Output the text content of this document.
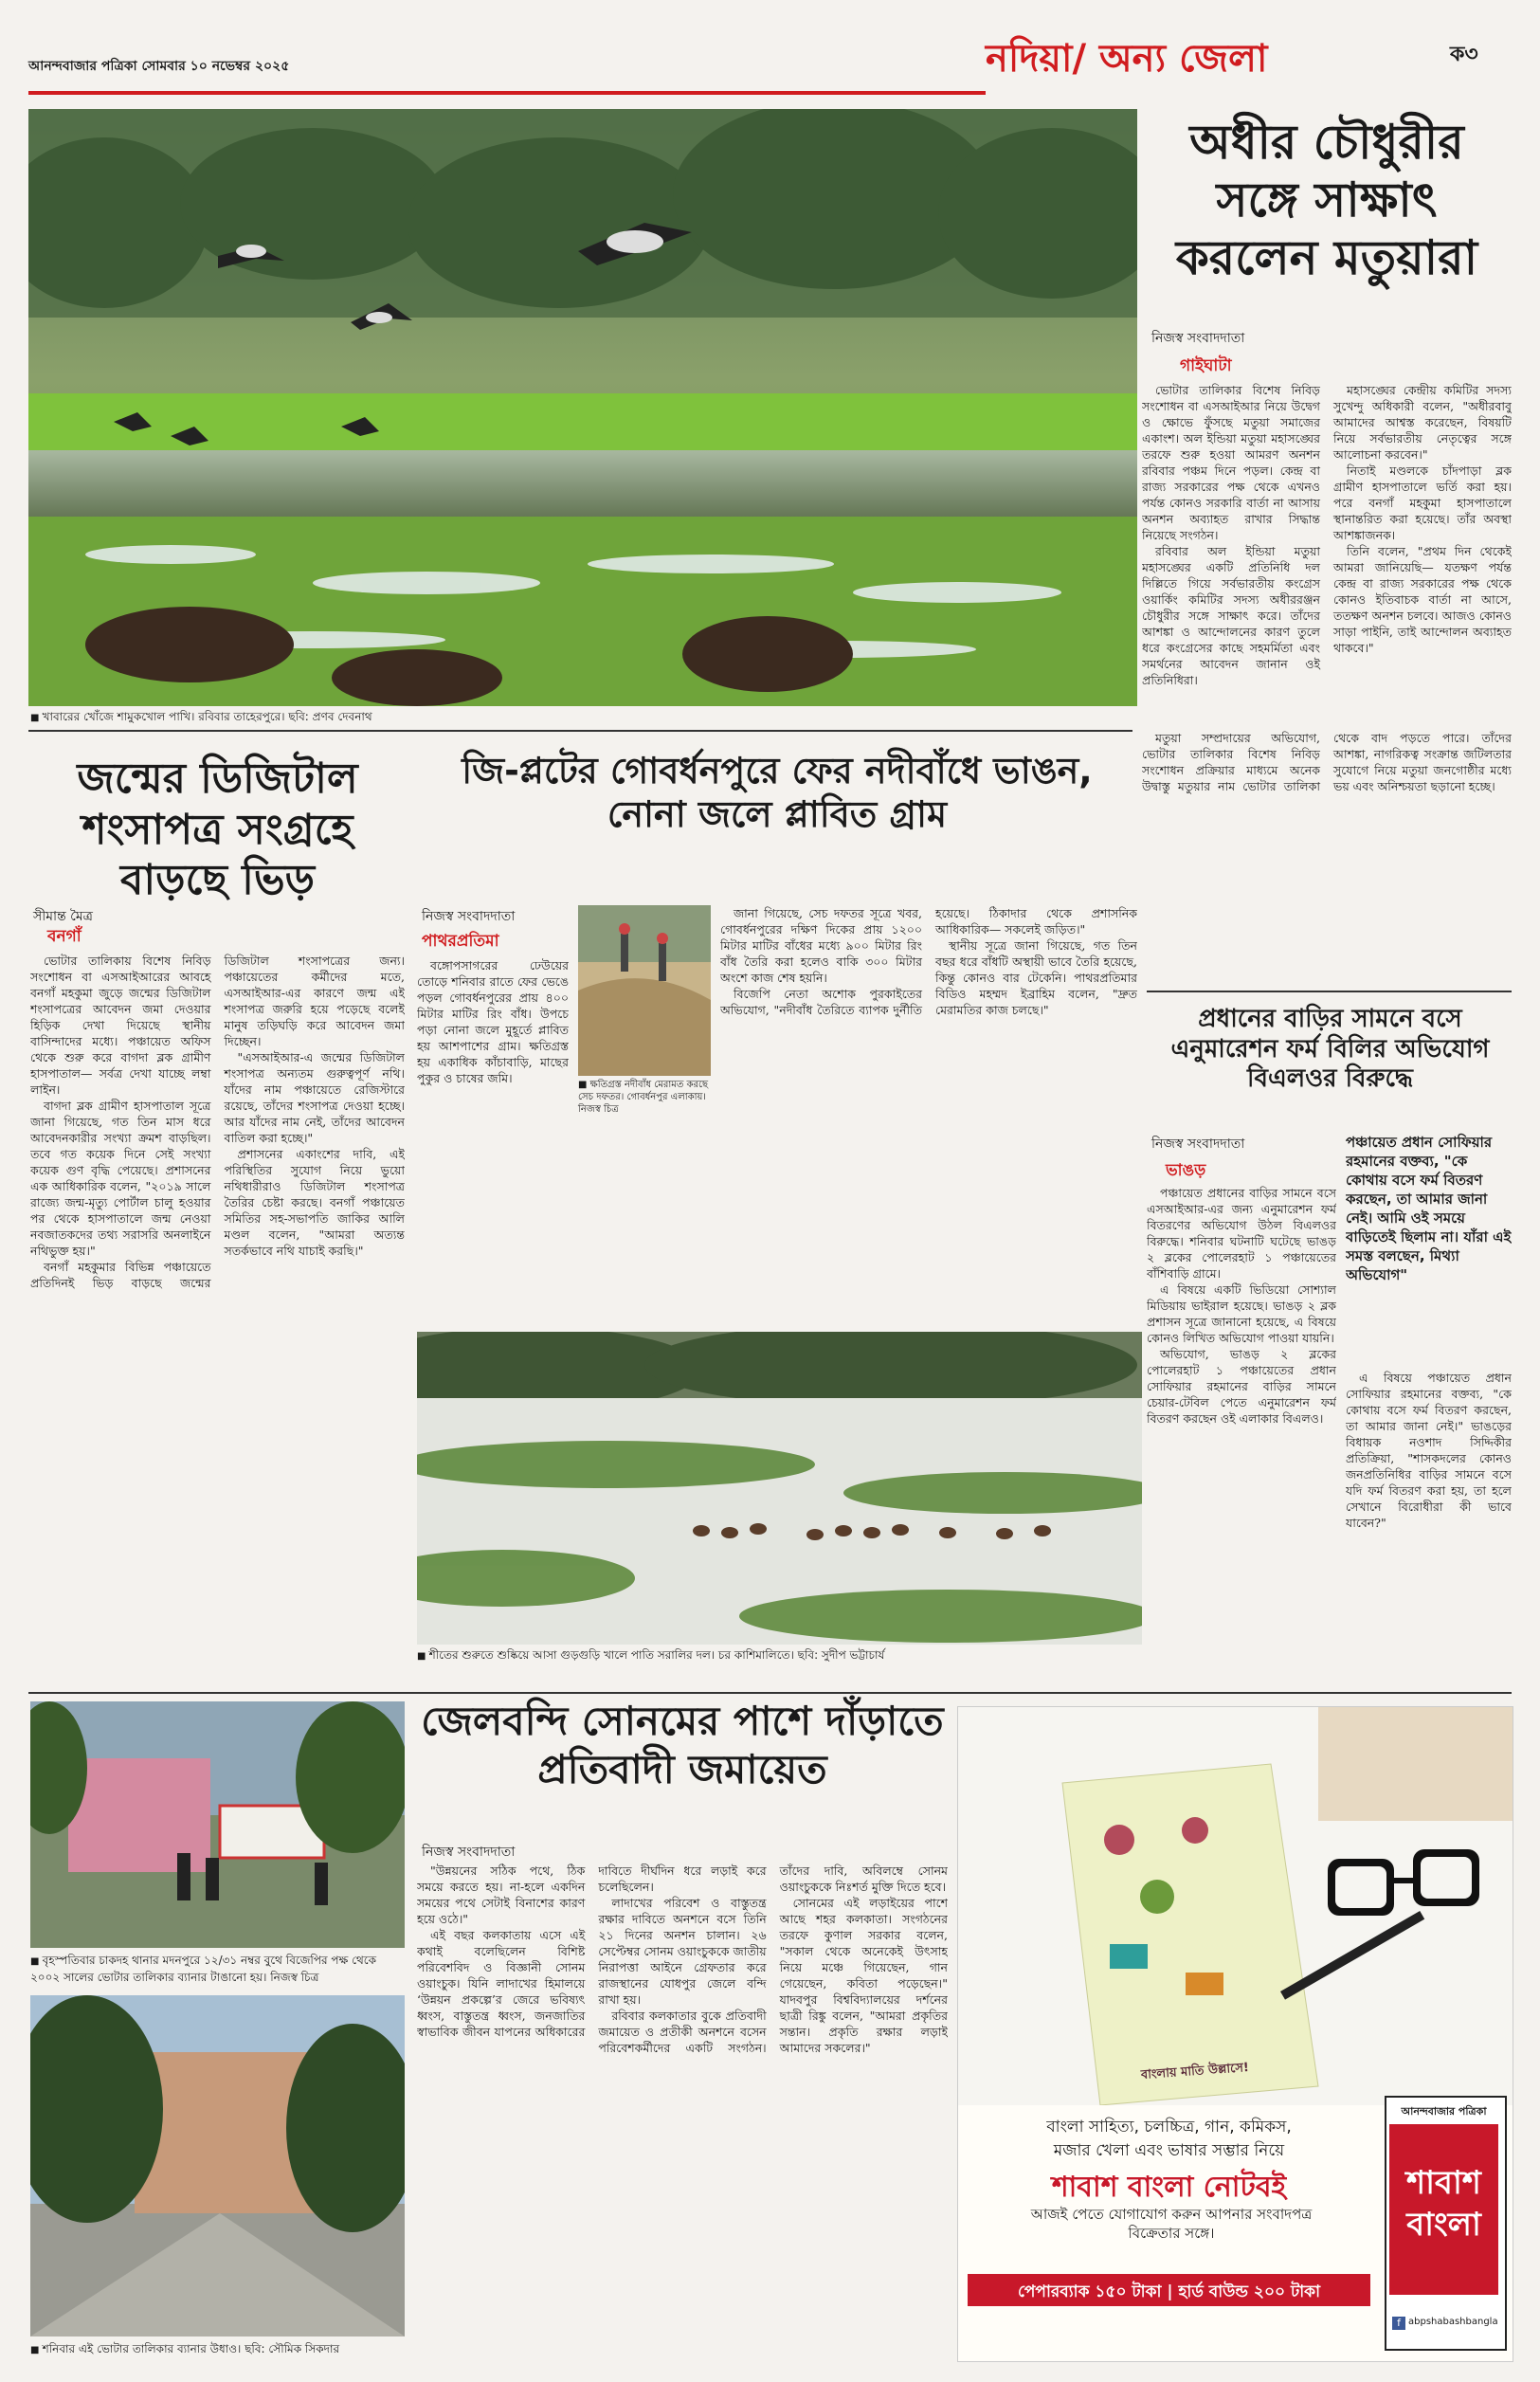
আনন্দবাজার পত্রিকা সোমবার ১০ নভেম্বর ২০২৫	নদিয়া/ অন্য জেলা	ক৩
■ খাবারের খোঁজে শামুকখোল পাখি। রবিবার তাহেরপুরে। ছবি: প্রণব দেবনাথ
অধীর চৌধুরীর সঙ্গে সাক্ষাৎ করলেন মতুয়ারা
নিজস্ব সংবাদদাতা
গাইঘাটা

ভোটার তালিকার বিশেষ নিবিড় সংশোধন বা এসআইআর নিয়ে উদ্বেগ ও ক্ষোভে ফুঁসছে মতুয়া সমাজের একাংশ। অল ইন্ডিয়া মতুয়া মহাসঙ্ঘের তরফে শুরু হওয়া আমরণ অনশন রবিবার পঞ্চম দিনে পড়ল। কেন্দ্র বা রাজ্য সরকারের পক্ষ থেকে এখনও পর্যন্ত কোনও সরকারি বার্তা না আসায় অনশন অব্যাহত রাখার সিদ্ধান্ত নিয়েছে সংগঠন।

রবিবার অল ইন্ডিয়া মতুয়া মহাসঙ্ঘের একটি প্রতিনিধি দল দিল্লিতে গিয়ে সর্বভারতীয় কংগ্রেস ওয়ার্কিং কমিটির সদস্য অধীররঞ্জন চৌধুরীর সঙ্গে সাক্ষাৎ করে। তাঁদের আশঙ্কা ও আন্দোলনের কারণ তুলে ধরে কংগ্রেসের কাছে সহমর্মিতা এবং সমর্থনের আবেদন জানান ওই প্রতিনিধিরা।

মহাসঙ্ঘের কেন্দ্রীয় কমিটির সদস্য সুখেন্দু অধিকারী বলেন, "অধীরবাবু আমাদের আশ্বস্ত করেছেন, বিষয়টি নিয়ে সর্বভারতীয় নেতৃত্বের সঙ্গে আলোচনা করবেন।"

নিতাই মণ্ডলকে চাঁদপাড়া ব্লক গ্রামীণ হাসপাতালে ভর্তি করা হয়। পরে বনগাঁ মহকুমা হাসপাতালে স্থানান্তরিত করা হয়েছে। তাঁর অবস্থা আশঙ্কাজনক।

তিনি বলেন, "প্রথম দিন থেকেই আমরা জানিয়েছি— যতক্ষণ পর্যন্ত কেন্দ্র বা রাজ্য সরকারের পক্ষ থেকে কোনও ইতিবাচক বার্তা না আসে, ততক্ষণ অনশন চলবে। আজও কোনও সাড়া পাইনি, তাই আন্দোলন অব্যাহত থাকবে।"

মতুয়া সম্প্রদায়ের অভিযোগ, ভোটার তালিকার বিশেষ নিবিড় সংশোধন প্রক্রিয়ার মাধ্যমে অনেক উদ্বাস্তু মতুয়ার নাম ভোটার তালিকা থেকে বাদ পড়তে পারে। তাঁদের আশঙ্কা, নাগরিকত্ব সংক্রান্ত জটিলতার সুযোগে নিয়ে মতুয়া জনগোষ্ঠীর মধ্যে ভয় এবং অনিশ্চয়তা ছড়ানো হচ্ছে।

জন্মের ডিজিটাল শংসাপত্র সংগ্রহে বাড়ছে ভিড়
সীমান্ত মৈত্র
বনগাঁ

ভোটার তালিকায় বিশেষ নিবিড় সংশোধন বা এসআইআরের আবহে বনগাঁ মহকুমা জুড়ে জন্মের ডিজিটাল শংসাপত্রের আবেদন জমা দেওয়ার হিড়িক দেখা দিয়েছে স্থানীয় বাসিন্দাদের মধ্যে। পঞ্চায়েত অফিস থেকে শুরু করে বাগদা ব্লক গ্রামীণ হাসপাতাল— সর্বত্র দেখা যাচ্ছে লম্বা লাইন।

বাগদা ব্লক গ্রামীণ হাসপাতাল সূত্রে জানা গিয়েছে, গত তিন মাস ধরে আবেদনকারীর সংখ্যা ক্রমশ বাড়ছিল। তবে গত কয়েক দিনে সেই সংখ্যা কয়েক গুণ বৃদ্ধি পেয়েছে। প্রশাসনের এক আধিকারিক বলেন, "২০১৯ সালে রাজ্যে জন্ম-মৃত্যু পোর্টাল চালু হওয়ার পর থেকে হাসপাতালে জন্ম নেওয়া নবজাতকদের তথ্য সরাসরি অনলাইনে নথিভুক্ত হয়।"

বনগাঁ মহকুমার বিভিন্ন পঞ্চায়েতে প্রতিদিনই ভিড় বাড়ছে জন্মের ডিজিটাল শংসাপত্রের জন্য। পঞ্চায়েতের কর্মীদের মতে, এসআইআর-এর কারণে জন্ম এই শংসাপত্র জরুরি হয়ে পড়েছে বলেই মানুষ তড়িঘড়ি করে আবেদন জমা দিচ্ছেন।

"এসআইআর-এ জন্মের ডিজিটাল শংসাপত্র অন্যতম গুরুত্বপূর্ণ নথি। যাঁদের নাম পঞ্চায়েতে রেজিস্টারে রয়েছে, তাঁদের শংসাপত্র দেওয়া হচ্ছে। আর যাঁদের নাম নেই, তাঁদের আবেদন বাতিল করা হচ্ছে।"

প্রশাসনের একাংশের দাবি, এই পরিস্থিতির সুযোগ নিয়ে ভুয়ো নথিধারীরাও ডিজিটাল শংসাপত্র তৈরির চেষ্টা করছে। বনগাঁ পঞ্চায়েত সমিতির সহ-সভাপতি জাকির আলি মণ্ডল বলেন, "আমরা অত্যন্ত সতর্কভাবে নথি যাচাই করছি।"

জি-প্লটের গোবর্ধনপুরে ফের নদীবাঁধে ভাঙন, নোনা জলে প্লাবিত গ্রাম
নিজস্ব সংবাদদাতা
পাথরপ্রতিমা
■ ক্ষতিগ্রস্ত নদীবাঁধ মেরামত করছে সেচ দফতর। গোবর্ধনপুর এলাকায়। নিজস্ব চিত্র

বঙ্গোপসাগরের ঢেউয়ের তোড়ে শনিবার রাতে ফের ভেঙে পড়ল গোবর্ধনপুরের প্রায় ৪০০ মিটার মাটির রিং বাঁধ। উপচে পড়া নোনা জলে মুহূর্তে প্লাবিত হয় আশপাশের গ্রাম। ক্ষতিগ্রস্ত হয় একাধিক কাঁচাবাড়ি, মাছের পুকুর ও চাষের জমি।

জানা গিয়েছে, সেচ দফতর সূত্রে খবর, গোবর্ধনপুরের দক্ষিণ দিকের প্রায় ১২০০ মিটার মাটির বাঁধের মধ্যে ৯০০ মিটার রিং বাঁধ তৈরি করা হলেও বাকি ৩০০ মিটার অংশে কাজ শেষ হয়নি।

বিজেপি নেতা অশোক পুরকাইতের অভিযোগ, "নদীবাঁধ তৈরিতে ব্যাপক দুর্নীতি হয়েছে। ঠিকাদার থেকে প্রশাসনিক আধিকারিক— সকলেই জড়িত।"

স্থানীয় সূত্রে জানা গিয়েছে, গত তিন বছর ধরে বাঁধটি অস্থায়ী ভাবে তৈরি হয়েছে, কিন্তু কোনও বার টেকেনি। পাথরপ্রতিমার বিডিও মহম্মদ ইব্রাহিম বলেন, "দ্রুত মেরামতির কাজ চলছে।"

■ শীতের শুরুতে শুষ্কিয়ে আসা গুড়গুড়ি খালে পাতি সরালির দল। চর কাশিমালিতে। ছবি: সুদীপ ভট্টাচার্য
প্রধানের বাড়ির সামনে বসে এনুমারেশন ফর্ম বিলির অভিযোগ বিএলওর বিরুদ্ধে
নিজস্ব সংবাদদাতা
ভাঙড়
পঞ্চায়েত প্রধান সোফিয়ার রহমানের বক্তব্য, "কে কোথায় বসে ফর্ম বিতরণ করছেন, তা আমার জানা নেই। আমি ওই সময়ে বাড়িতেই ছিলাম না। যাঁরা এই সমস্ত বলছেন, মিথ্যা অভিযোগ"

পঞ্চায়েত প্রধানের বাড়ির সামনে বসে এসআইআর-এর জন্য এনুমারেশন ফর্ম বিতরণের অভিযোগ উঠল বিএলওর বিরুদ্ধে। শনিবার ঘটনাটি ঘটেছে ভাঙড় ২ ব্লকের পোলেরহাট ১ পঞ্চায়েতের বাঁশিবাড়ি গ্রামে।

এ বিষয়ে একটি ভিডিয়ো সোশ্যাল মিডিয়ায় ভাইরাল হয়েছে। ভাঙড় ২ ব্লক প্রশাসন সূত্রে জানানো হয়েছে, এ বিষয়ে কোনও লিখিত অভিযোগ পাওয়া যায়নি।

অভিযোগ, ভাঙড় ২ ব্লকের পোলেরহাট ১ পঞ্চায়েতের প্রধান সোফিয়ার রহমানের বাড়ির সামনে চেয়ার-টেবিল পেতে এনুমারেশন ফর্ম বিতরণ করছেন ওই এলাকার বিএলও।

এ বিষয়ে পঞ্চায়েত প্রধান সোফিয়ার রহমানের বক্তব্য, "কে কোথায় বসে ফর্ম বিতরণ করছেন, তা আমার জানা নেই।" ভাঙড়ের বিধায়ক নওশাদ সিদ্দিকীর প্রতিক্রিয়া, "শাসকদলের কোনও জনপ্রতিনিধির বাড়ির সামনে বসে যদি ফর্ম বিতরণ করা হয়, তা হলে সেখানে বিরোধীরা কী ভাবে যাবেন?"

■ বৃহস্পতিবার চাকদহ থানার মদনপুরে ১২/৩১ নম্বর বুথে বিজেপির পক্ষ থেকে ২০০২ সালের ভোটার তালিকার ব্যানার টাঙানো হয়। নিজস্ব চিত্র
■ শনিবার এই ভোটার তালিকার ব্যানার উধাও। ছবি: সৌমিক সিকদার
জেলবন্দি সোনমের পাশে দাঁড়াতে প্রতিবাদী জমায়েত
নিজস্ব সংবাদদাতা

"উন্নয়নের সঠিক পথে, ঠিক সময়ে করতে হয়। না-হলে একদিন সময়ের পথে সেটাই বিনাশের কারণ হয়ে ওঠে।"

এই বছর কলকাতায় এসে এই কথাই বলেছিলেন বিশিষ্ট পরিবেশবিদ ও বিজ্ঞানী সোনম ওয়াংচুক। যিনি লাদাখের হিমালয়ে ‘উন্নয়ন প্রকল্পে’র জেরে ভবিষ্যৎ ধ্বংস, বাস্তুতন্ত্র ধ্বংস, জনজাতির স্বাভাবিক জীবন যাপনের অধিকারের দাবিতে দীর্ঘদিন ধরে লড়াই করে চলেছিলেন।

লাদাখের পরিবেশ ও বাস্তুতন্ত্র রক্ষার দাবিতে অনশনে বসে তিনি ২১ দিনের অনশন চালান। ২৬ সেপ্টেম্বর সোনম ওয়াংচুককে জাতীয় নিরাপত্তা আইনে গ্রেফতার করে রাজস্থানের যোধপুর জেলে বন্দি রাখা হয়।

রবিবার কলকাতার বুকে প্রতিবাদী জমায়েত ও প্রতীকী অনশনে বসেন পরিবেশকর্মীদের একটি সংগঠন। তাঁদের দাবি, অবিলম্বে সোনম ওয়াংচুককে নিঃশর্ত মুক্তি দিতে হবে।

সোনমের এই লড়াইয়ের পাশে আছে শহর কলকাতা। সংগঠনের তরফে কুণাল সরকার বলেন, "সকাল থেকে অনেকেই উৎসাহ নিয়ে মঞ্চে গিয়েছেন, গান গেয়েছেন, কবিতা পড়েছেন।" যাদবপুর বিশ্ববিদ্যালয়ের দর্শনের ছাত্রী রিঙ্কু বলেন, "আমরা প্রকৃতির সন্তান। প্রকৃতি রক্ষার লড়াই আমাদের সকলের।"

বাংলায় মাতি উল্লাসে!
বাংলা সাহিত্য, চলচ্চিত্র, গান, কমিকস,
মজার খেলা এবং ভাষার সম্ভার নিয়ে
শাবাশ বাংলা নোটবই
আজই পেতে যোগাযোগ করুন আপনার সংবাদপত্র বিক্রেতার সঙ্গে।
পেপারব্যাক ১৫০ টাকা | হার্ড বাউন্ড ২০০ টাকা
আনন্দবাজার পত্রিকা
শাবাশ বাংলা
f abpshabashbangla
